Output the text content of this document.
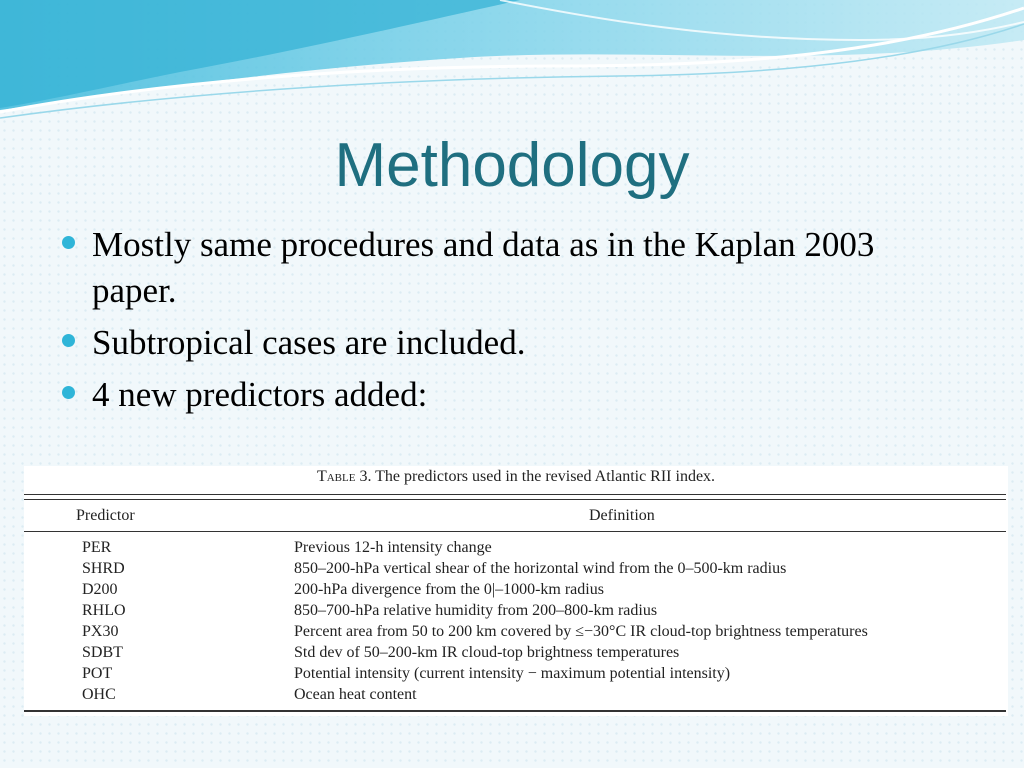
Methodology
Mostly same procedures and data as in the Kaplan 2003 paper.
Subtropical cases are included.
4 new predictors added:
Table 3. The predictors used in the revised Atlantic RII index.
Predictor	Definition
PER	Previous 12-h intensity change
SHRD	850–200-hPa vertical shear of the horizontal wind from the 0–500-km radius
D200	200-hPa divergence from the 0|–1000-km radius
RHLO	850–700-hPa relative humidity from 200–800-km radius
PX30	Percent area from 50 to 200 km covered by ≤−30°C IR cloud-top brightness temperatures
SDBT	Std dev of 50–200-km IR cloud-top brightness temperatures
POT	Potential intensity (current intensity − maximum potential intensity)
OHC	Ocean heat content
